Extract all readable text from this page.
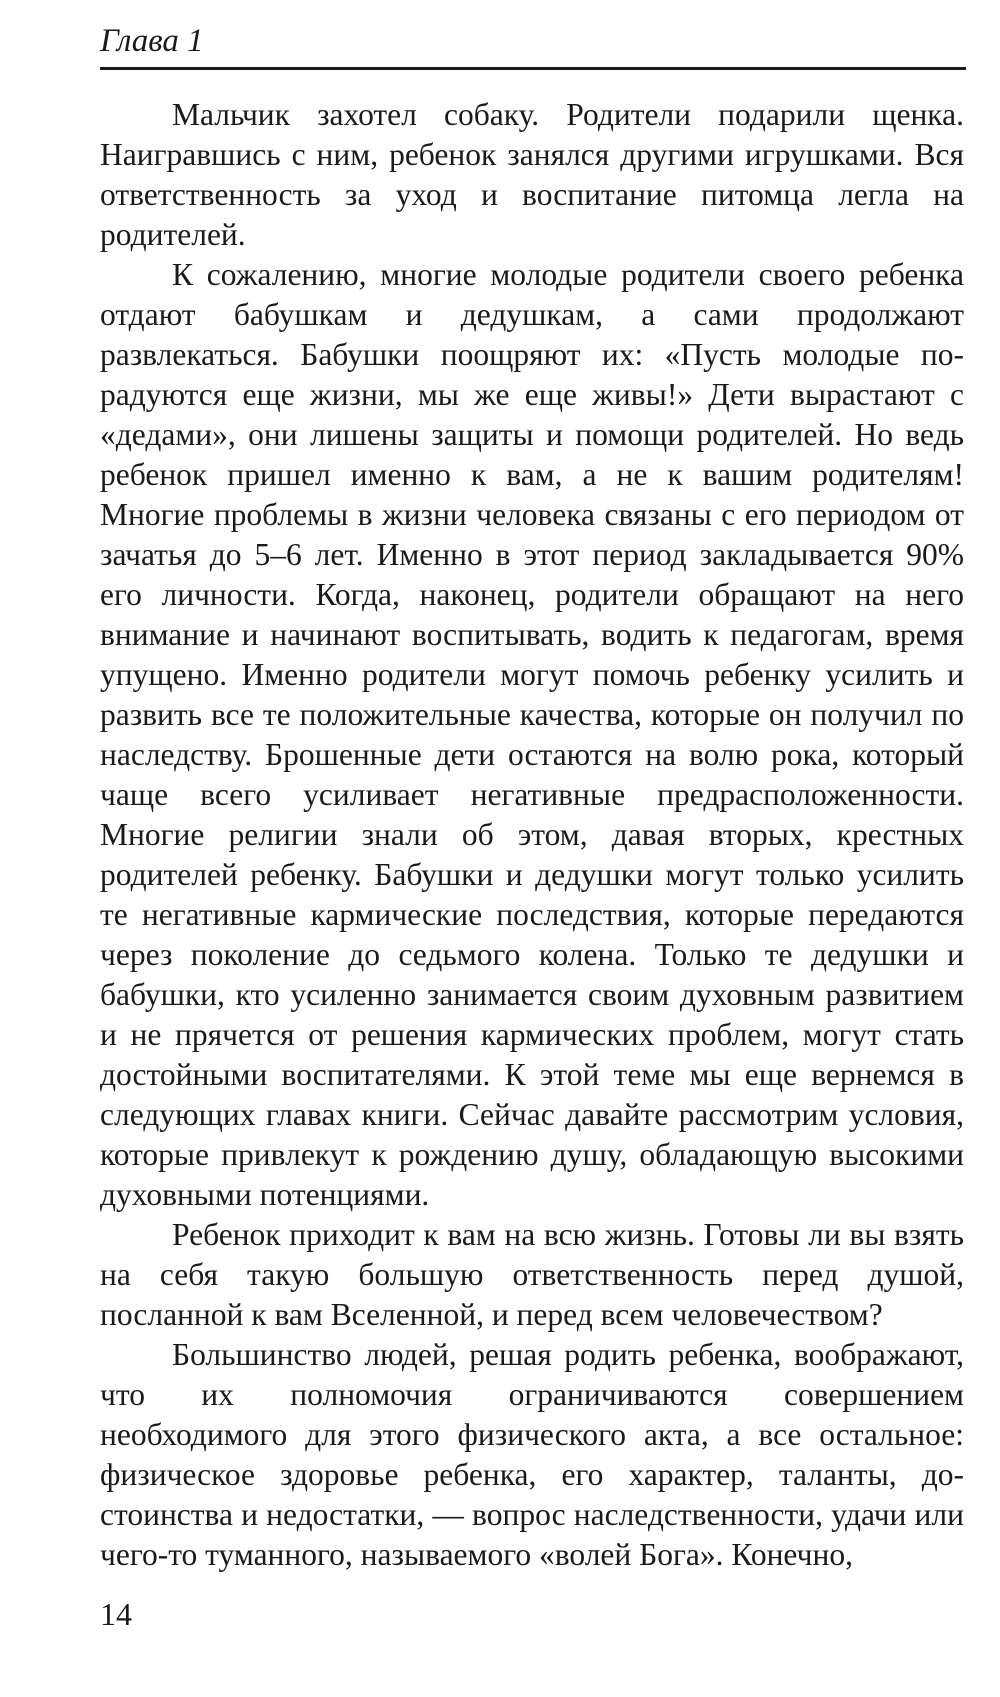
Глава 1

Мальчик захотел собаку. Родители подарили щенка. Наигравшись с ним, ребенок занялся другими игрушками. Вся ответственность за уход и воспитание питомца легла на родителей.

К сожалению, многие молодые родители своего ребенка отдают бабушкам и дедушкам, а сами продолжают развлекаться. Бабушки поощряют их: «Пусть молодые порадуются еще жизни, мы же еще живы!» Дети вырастают с «дедами», они лишены защиты и помощи родителей. Но ведь ребенок пришел именно к вам, а не к вашим родителям! Многие проблемы в жизни человека связаны с его периодом от зачатья до 5–6 лет. Именно в этот период закладывается 90% его личности. Когда, наконец, родители обращают на него внимание и начинают воспитывать, водить к педагогам, время упущено. Именно родители могут помочь ребенку усилить и развить все те положительные качества, которые он получил по наследству. Брошенные дети остаются на волю рока, который чаще всего усиливает негативные предрасположенности. Многие религии знали об этом, давая вторых, крестных родителей ребенку. Бабушки и дедушки могут только усилить те негативные кармические последствия, которые передаются через поколение до седьмого колена. Только те дедушки и бабушки, кто усиленно занимается своим духовным развитием и не прячется от решения кармических проблем, могут стать достойными воспитателями. К этой теме мы еще вернемся в следующих главах книги. Сейчас давайте рассмотрим условия, которые привлекут к рождению душу, обладающую высокими духовными потенциями.

Ребенок приходит к вам на всю жизнь. Готовы ли вы взять на себя такую большую ответственность перед душой, посланной к вам Вселенной, и перед всем человечеством?

Большинство людей, решая родить ребенка, воображают, что их полномочия ограничиваются совершением необходимого для этого физического акта, а все остальное: физическое здоровье ребенка, его характер, таланты, достоинства и недостатки, — вопрос наследственности, удачи или чего-то туманного, называемого «волей Бога». Конечно,

14
